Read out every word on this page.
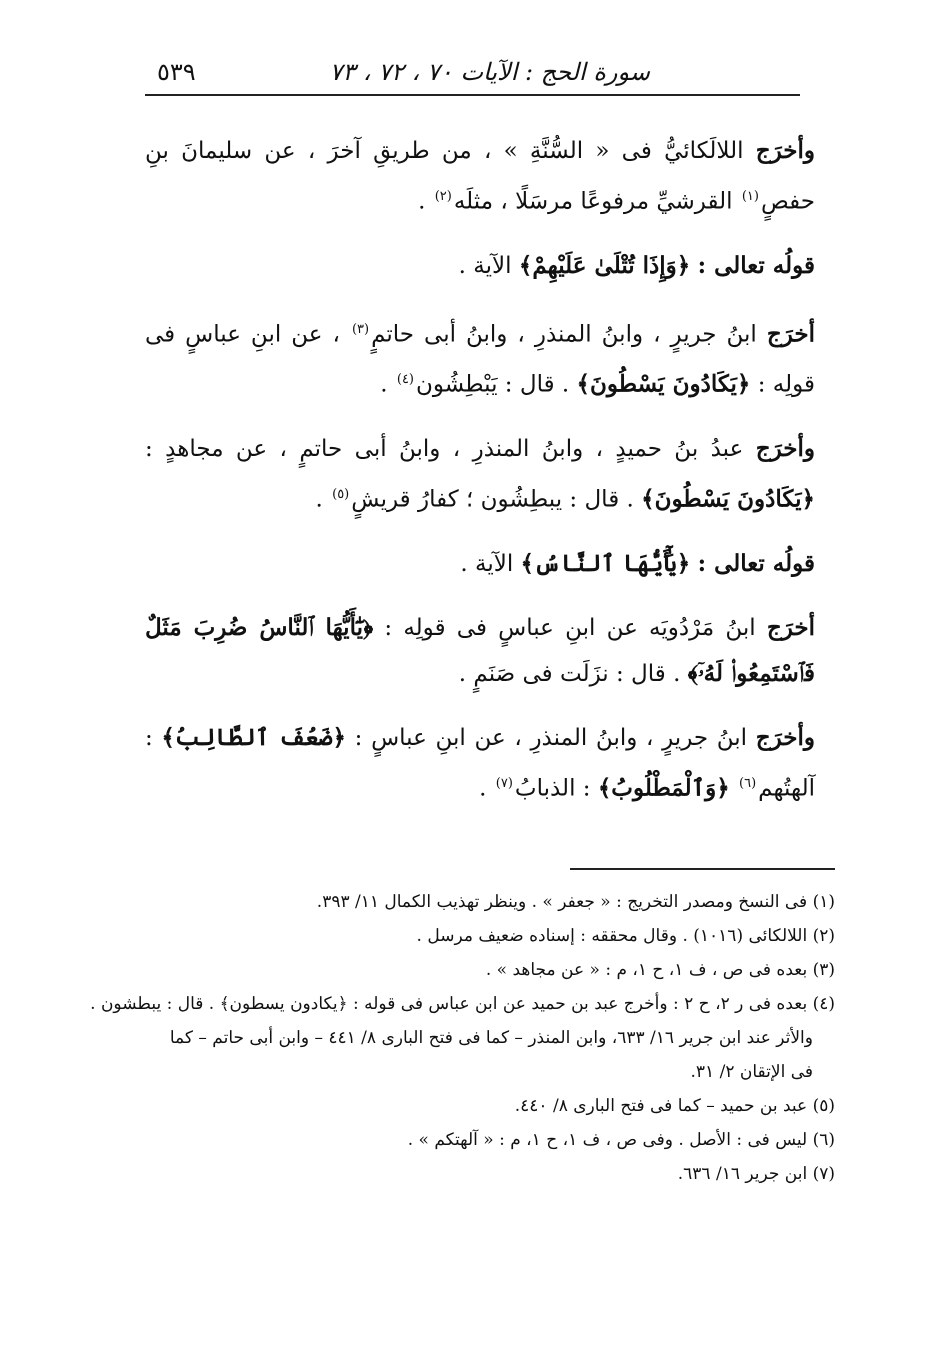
سورة الحج : الآيات ٧٠ ، ٧٢ ، ٧٣
٥٣٩

وأخرَج اللالَكائيُّ فى « السُّنَّةِ » ، من طريقِ آخرَ ، عن سليمانَ بنِ حفصٍ$^{(١)}$ القرشيِّ مرفوعًا مرسَلًا ، مثلَه$^{(٢)}$ .

قولُه تعالى : ﴿وَإِذَا تُتْلَىٰ عَلَيْهِمْ﴾ الآية .

أخرَج ابنُ جريرٍ ، وابنُ المنذرِ ، وابنُ أبى حاتمٍ$^{(٣)}$ ، عن ابنِ عباسٍ فى قولِه : ﴿يَكَادُونَ يَسْطُونَ﴾ . قال : يَبْطِشُون$^{(٤)}$ .

وأخرَج عبدُ بنُ حميدٍ ، وابنُ المنذرِ ، وابنُ أبى حاتمٍ ، عن مجاهدٍ : ﴿يَكَادُونَ يَسْطُونَ﴾ . قال : يبطِشُون ؛ كفارُ قريشٍ$^{(٥)}$ .

قولُه تعالى : ﴿يَٰٓأَيُّهَا ٱلنَّاسُ﴾ الآية .

أخرَج ابنُ مَرْدُويَه عن ابنِ عباسٍ فى قولِه : ﴿يَٰٓأَيُّهَا ٱلنَّاسُ ضُرِبَ مَثَلٌ فَٱسْتَمِعُوا۟ لَهُۥٓ﴾ . قال : نزَلَت فى صَنَمٍ .

وأخرَج ابنُ جريرٍ ، وابنُ المنذرِ ، عن ابنِ عباسٍ : ﴿ضَعُفَ ٱلطَّالِبُ﴾ : آلهتُهم$^{(٦)}$ ﴿وَٱلْمَطْلُوبُ﴾ : الذبابُ$^{(٧)}$ .

(١) فى النسخ ومصدر التخريج : « جعفر » . وينظر تهذيب الكمال ١١/ ٣٩٣.

(٢) اللالكائى (١٠١٦) . وقال محققه : إسناده ضعيف مرسل .

(٣) بعده فى ص ، ف ١، ح ١، م : « عن مجاهد » .

(٤) بعده فى ر ٢، ح ٢ : وأخرج عبد بن حميد عن ابن عباس فى قوله : ﴿يكادون يسطون﴾ . قال : يبطشون .

والأثر عند ابن جرير ١٦/ ٦٣٣، وابن المنذر – كما فى فتح البارى ٨/ ٤٤١ – وابن أبى حاتم – كما فى الإتقان ٢/ ٣١.

(٥) عبد بن حميد – كما فى فتح البارى ٨/ ٤٤٠.

(٦) ليس فى : الأصل . وفى ص ، ف ١، ح ١، م : « آلهتكم » .

(٧) ابن جرير ١٦/ ٦٣٦.
